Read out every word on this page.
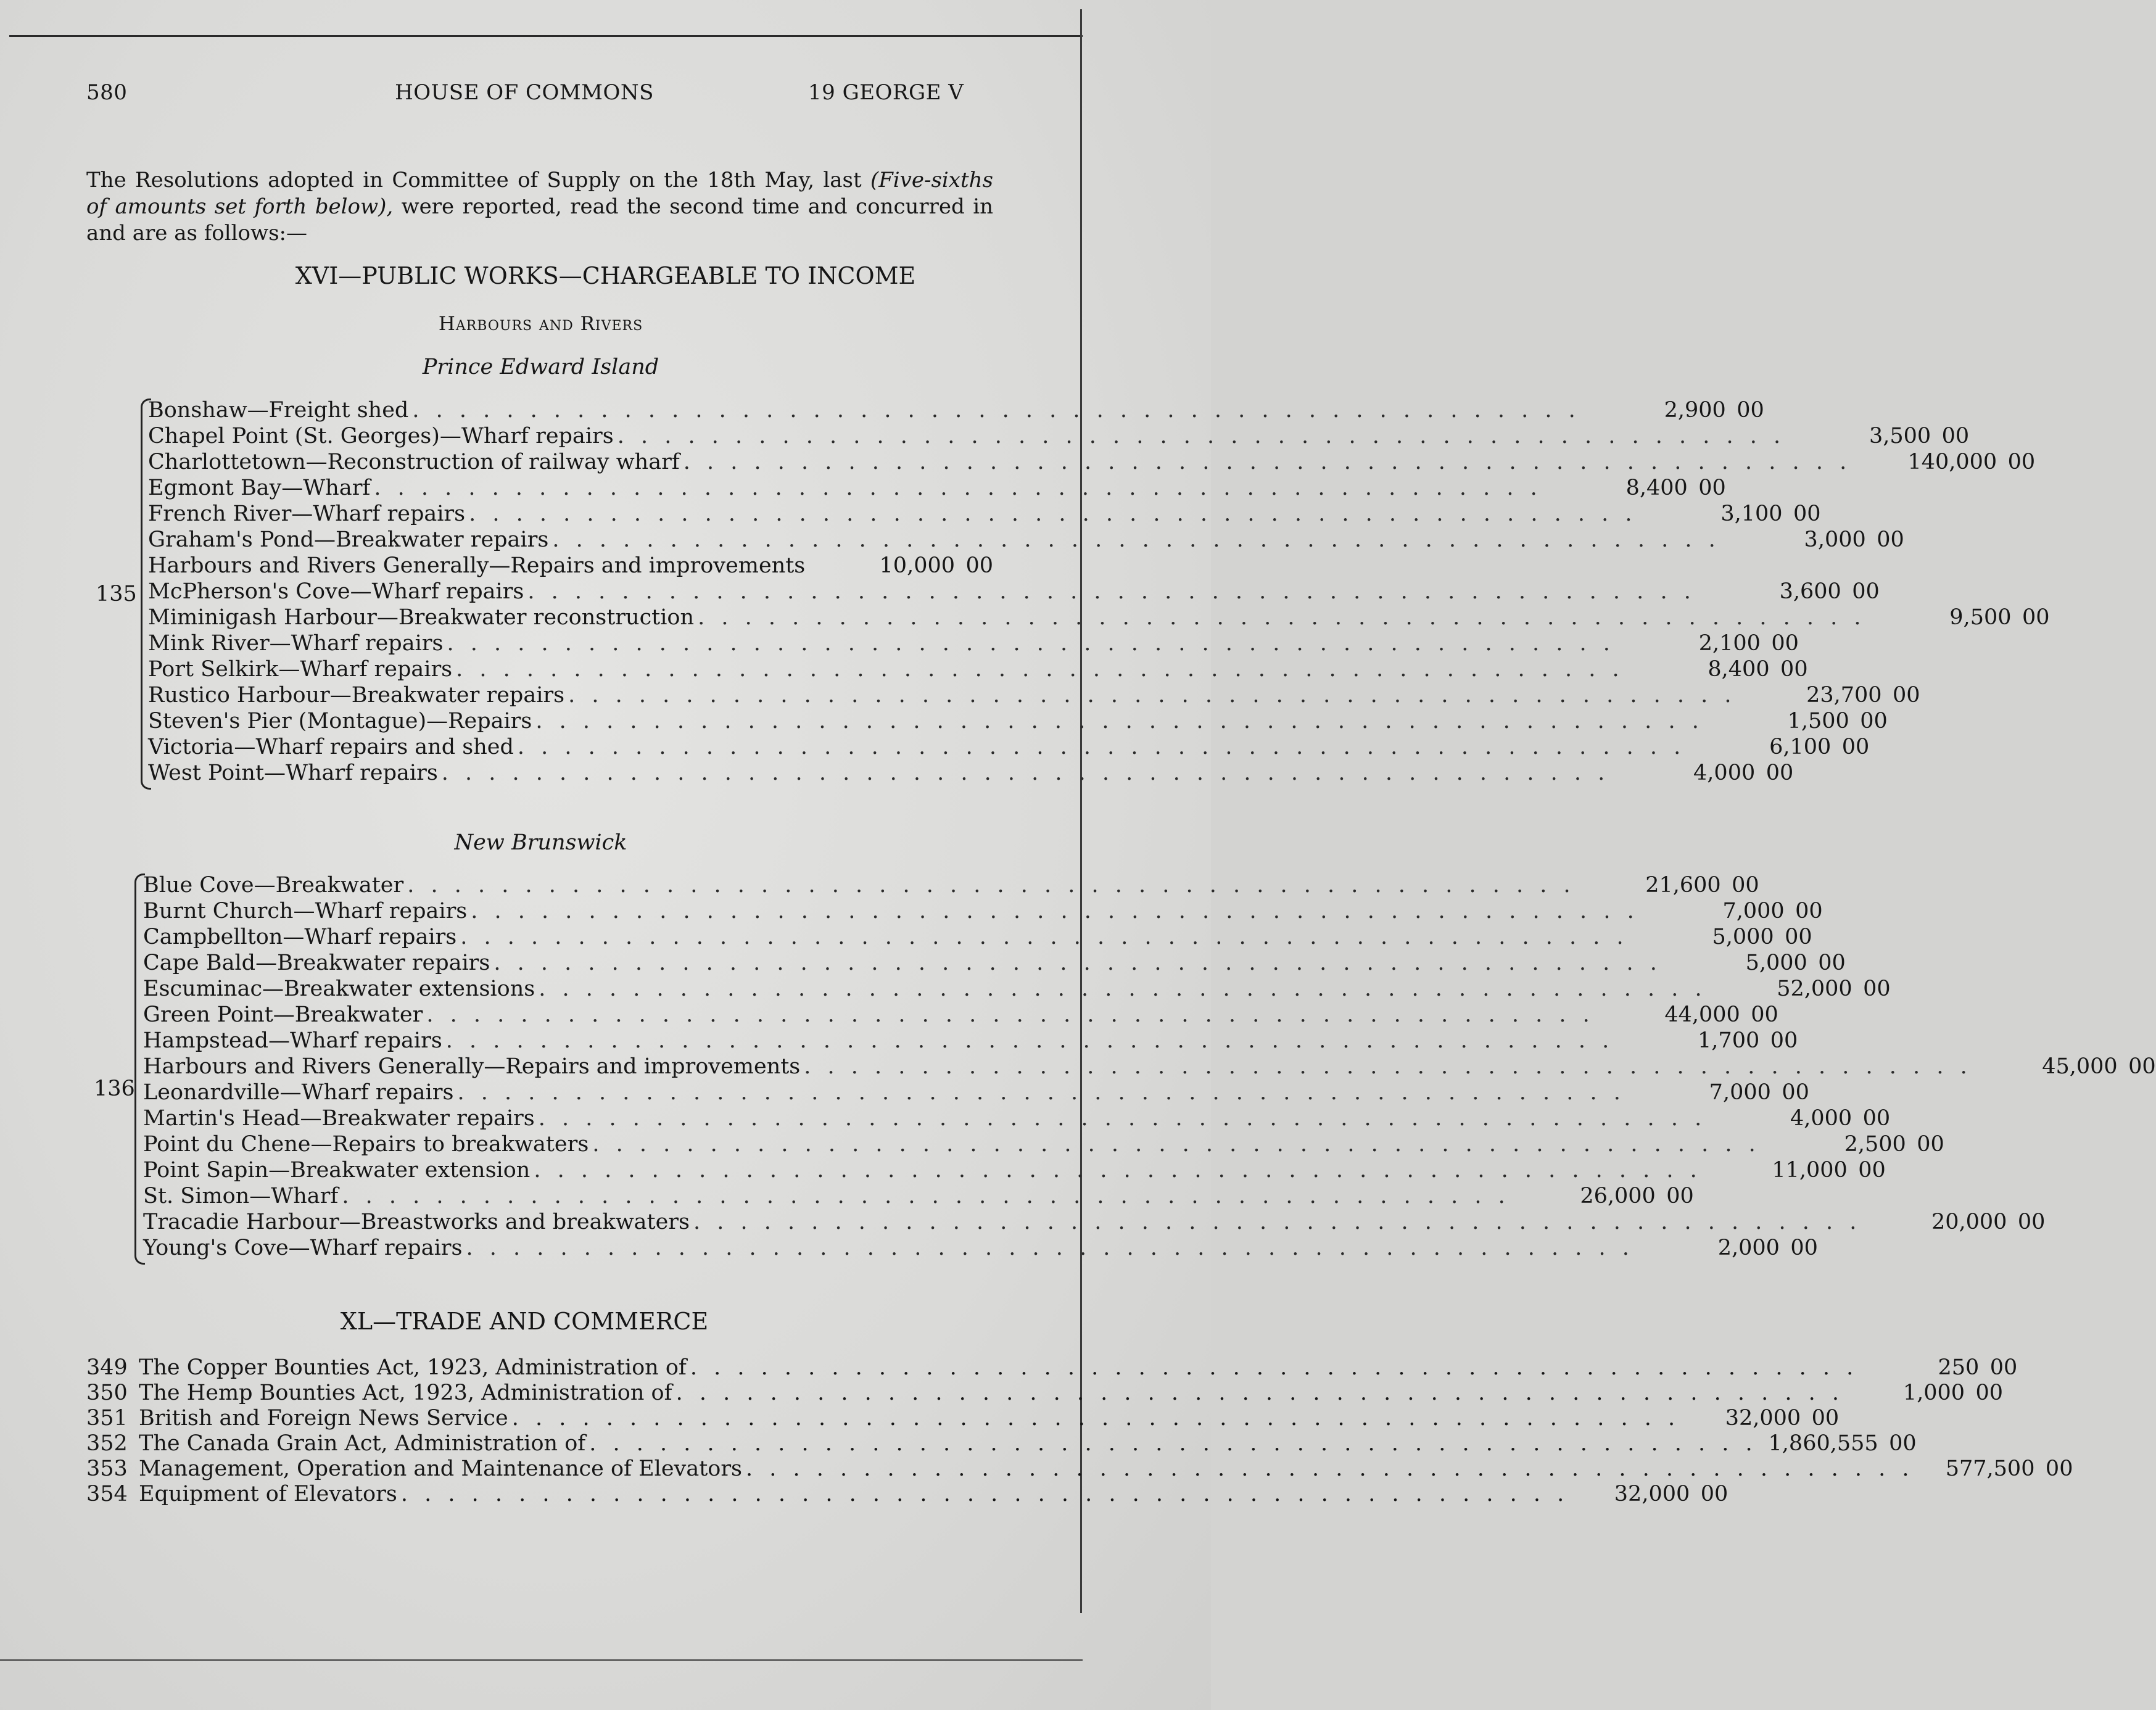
580	HOUSE OF COMMONS	19 GEORGE V

The Resolutions adopted in Committee of Supply on the 18th May, last (Five-sixths of amounts set forth below), were reported, read the second time and concurred in and are as follows:—

XVI—PUBLIC WORKS—CHARGEABLE TO INCOME
Harbours and Rivers
Prince Edward Island
135
Bonshaw—Freight shed . . . . . . . . . . . . . . . . . . . . . . . . . . . . . . . . . . . . . . . . . . . . . . . . . .	2,900 00
Chapel Point (St. Georges)—Wharf repairs . . . . . . . . . . . . . . . . . . . . . . . . . . . . . . . . . . . . . . . . . . . . . . . . . .	3,500 00
Charlottetown—Reconstruction of railway wharf . . . . . . . . . . . . . . . . . . . . . . . . . . . . . . . . . . . . . . . . . . . . . . . . . .	140,000 00
Egmont Bay—Wharf . . . . . . . . . . . . . . . . . . . . . . . . . . . . . . . . . . . . . . . . . . . . . . . . . .	8,400 00
French River—Wharf repairs . . . . . . . . . . . . . . . . . . . . . . . . . . . . . . . . . . . . . . . . . . . . . . . . . .	3,100 00
Graham's Pond—Breakwater repairs . . . . . . . . . . . . . . . . . . . . . . . . . . . . . . . . . . . . . . . . . . . . . . . . . .	3,000 00
Harbours and Rivers Generally—Repairs and improvements	10,000 00
McPherson's Cove—Wharf repairs . . . . . . . . . . . . . . . . . . . . . . . . . . . . . . . . . . . . . . . . . . . . . . . . . .	3,600 00
Miminigash Harbour—Breakwater reconstruction . . . . . . . . . . . . . . . . . . . . . . . . . . . . . . . . . . . . . . . . . . . . . . . . . .	9,500 00
Mink River—Wharf repairs . . . . . . . . . . . . . . . . . . . . . . . . . . . . . . . . . . . . . . . . . . . . . . . . . .	2,100 00
Port Selkirk—Wharf repairs . . . . . . . . . . . . . . . . . . . . . . . . . . . . . . . . . . . . . . . . . . . . . . . . . .	8,400 00
Rustico Harbour—Breakwater repairs . . . . . . . . . . . . . . . . . . . . . . . . . . . . . . . . . . . . . . . . . . . . . . . . . .	23,700 00
Steven's Pier (Montague)—Repairs . . . . . . . . . . . . . . . . . . . . . . . . . . . . . . . . . . . . . . . . . . . . . . . . . .	1,500 00
Victoria—Wharf repairs and shed . . . . . . . . . . . . . . . . . . . . . . . . . . . . . . . . . . . . . . . . . . . . . . . . . .	6,100 00
West Point—Wharf repairs . . . . . . . . . . . . . . . . . . . . . . . . . . . . . . . . . . . . . . . . . . . . . . . . . .	4,000 00
New Brunswick
136
Blue Cove—Breakwater . . . . . . . . . . . . . . . . . . . . . . . . . . . . . . . . . . . . . . . . . . . . . . . . . .	21,600 00
Burnt Church—Wharf repairs . . . . . . . . . . . . . . . . . . . . . . . . . . . . . . . . . . . . . . . . . . . . . . . . . .	7,000 00
Campbellton—Wharf repairs . . . . . . . . . . . . . . . . . . . . . . . . . . . . . . . . . . . . . . . . . . . . . . . . . .	5,000 00
Cape Bald—Breakwater repairs . . . . . . . . . . . . . . . . . . . . . . . . . . . . . . . . . . . . . . . . . . . . . . . . . .	5,000 00
Escuminac—Breakwater extensions . . . . . . . . . . . . . . . . . . . . . . . . . . . . . . . . . . . . . . . . . . . . . . . . . .	52,000 00
Green Point—Breakwater . . . . . . . . . . . . . . . . . . . . . . . . . . . . . . . . . . . . . . . . . . . . . . . . . .	44,000 00
Hampstead—Wharf repairs . . . . . . . . . . . . . . . . . . . . . . . . . . . . . . . . . . . . . . . . . . . . . . . . . .	1,700 00
Harbours and Rivers Generally—Repairs and improvements . . . . . . . . . . . . . . . . . . . . . . . . . . . . . . . . . . . . . . . . . . . . . . . . . .	45,000 00
Leonardville—Wharf repairs . . . . . . . . . . . . . . . . . . . . . . . . . . . . . . . . . . . . . . . . . . . . . . . . . .	7,000 00
Martin's Head—Breakwater repairs . . . . . . . . . . . . . . . . . . . . . . . . . . . . . . . . . . . . . . . . . . . . . . . . . .	4,000 00
Point du Chene—Repairs to breakwaters . . . . . . . . . . . . . . . . . . . . . . . . . . . . . . . . . . . . . . . . . . . . . . . . . .	2,500 00
Point Sapin—Breakwater extension . . . . . . . . . . . . . . . . . . . . . . . . . . . . . . . . . . . . . . . . . . . . . . . . . .	11,000 00
St. Simon—Wharf . . . . . . . . . . . . . . . . . . . . . . . . . . . . . . . . . . . . . . . . . . . . . . . . . .	26,000 00
Tracadie Harbour—Breastworks and breakwaters . . . . . . . . . . . . . . . . . . . . . . . . . . . . . . . . . . . . . . . . . . . . . . . . . .	20,000 00
Young's Cove—Wharf repairs . . . . . . . . . . . . . . . . . . . . . . . . . . . . . . . . . . . . . . . . . . . . . . . . . .	2,000 00
XL—TRADE AND COMMERCE
349 The Copper Bounties Act, 1923, Administration of . . . . . . . . . . . . . . . . . . . . . . . . . . . . . . . . . . . . . . . . . . . . . . . . . .	250 00
350 The Hemp Bounties Act, 1923, Administration of . . . . . . . . . . . . . . . . . . . . . . . . . . . . . . . . . . . . . . . . . . . . . . . . . .	1,000 00
351 British and Foreign News Service . . . . . . . . . . . . . . . . . . . . . . . . . . . . . . . . . . . . . . . . . . . . . . . . . .	32,000 00
352 The Canada Grain Act, Administration of . . . . . . . . . . . . . . . . . . . . . . . . . . . . . . . . . . . . . . . . . . . . . . . . . . 1,860,555 00
353 Management, Operation and Maintenance of Elevators . . . . . . . . . . . . . . . . . . . . . . . . . . . . . . . . . . . . . . . . . . . . . . . . . .	577,500 00
354 Equipment of Elevators . . . . . . . . . . . . . . . . . . . . . . . . . . . . . . . . . . . . . . . . . . . . . . . . . .	32,000 00
